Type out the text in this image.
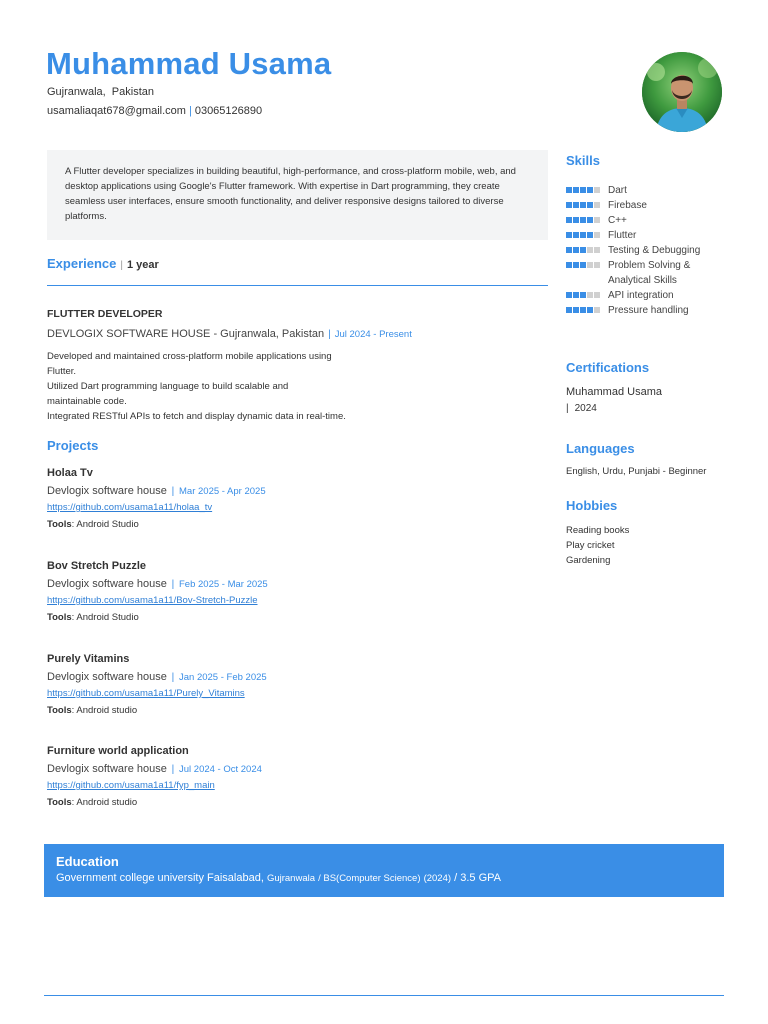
Muhammad Usama
Gujranwala,  Pakistan
usamaliaqat678@gmail.com | 03065126890
A Flutter developer specializes in building beautiful, high-performance, and cross-platform mobile, web, and desktop applications using Google's Flutter framework. With expertise in Dart programming, they create seamless user interfaces, ensure smooth functionality, and deliver responsive designs tailored to diverse platforms.
Experience | 1 year
FLUTTER DEVELOPER
DEVLOGIX SOFTWARE HOUSE - Gujranwala, Pakistan | Jul 2024 - Present
Developed and maintained cross-platform mobile applications using
Flutter.
Utilized Dart programming language to build scalable and
maintainable code.
Integrated RESTful APIs to fetch and display dynamic data in real-time.
Projects
Holaa Tv
Devlogix software house | Mar 2025 - Apr 2025
https://github.com/usama1a11/holaa_tv
Tools: Android Studio
Bov Stretch Puzzle
Devlogix software house | Feb 2025 - Mar 2025
https://github.com/usama1a11/Bov-Stretch-Puzzle
Tools: Android Studio
Purely Vitamins
Devlogix software house | Jan 2025 - Feb 2025
https://github.com/usama1a11/Purely_Vitamins
Tools: Android studio
Furniture world application
Devlogix software house | Jul 2024 - Oct 2024
https://github.com/usama1a11/fyp_main
Tools: Android studio
Skills
Dart
Firebase
C++
Flutter
Testing & Debugging
Problem Solving &
Analytical Skills
API integration
Pressure handling
Certifications
Muhammad Usama
| 2024
Languages
English, Urdu, Punjabi - Beginner
Hobbies
Reading books
Play cricket
Gardening
Education
Government college university Faisalabad, Gujranwala / BS(Computer Science) (2024) / 3.5 GPA
